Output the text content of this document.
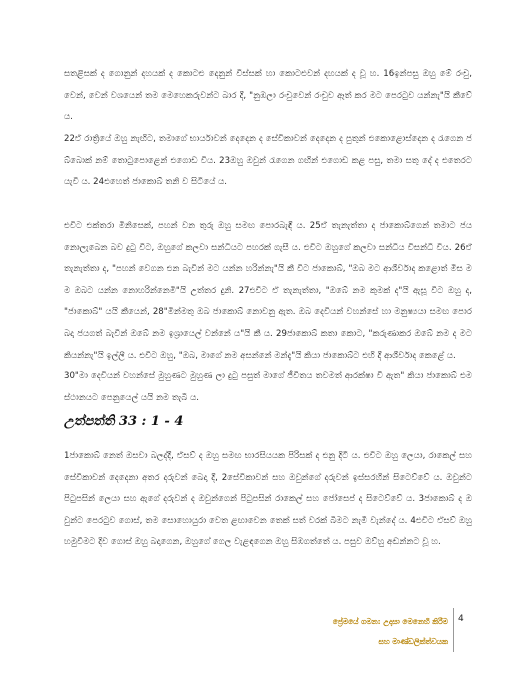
සතළිසක් ද ගොනුන් දහයක් ද කොටළු දෙනුන් විස්සක් හා කොටළුවන් දහයක් ද වූ හ. 16ඉන්පසු ඔහු මේ රංචු, වෙන්, වෙන් වශයෙන් තම මෙහෙකරුවන්ට බාර දී, "නුඹලා රංචුවෙන් රංචුව ඈත් කර මට පෙරටුව යන්නැ"යි කීවේ ය.

22ඒ රාත්‍රියේ ඔහු නැඟිට, තමාගේ භාර්යාවන් දෙදෙන ද සේවිකාවන් දෙදෙන ද පුතුන් එකොළොස්දෙන ද රැගෙන ජබ්බොක් නම් තොටුපොළෙන් එගොඩ විය. 23ඔහු ඔවුන් රැගෙන ගඟින් එගොඩ කළ පසු, තමා සතු දේ ද එතෙරට යැවී ය. 24එහෙත් ජාකොබ් තනි ව සිටියේ ය.

එවිට එක්තරා මිනිසෙක්, පහන් වන තුරු ඔහු සමඟ පොරබැඳී ය. 25ඒ තැනැත්තා ද ජාකොබ්ගෙන් තමාට ජය නොලැබෙන බව දුටු විට, ඔහුගේ කලවා සන්ධියට පහරක් ගැසී ය. එවිට ඔහුගේ කලවා සන්ධිය විසන්ධි විය. 26ඒ තැනැත්තා ද, "පහන් වෙගන එන බැවින් මට යන්න හරින්නැ"යි කී විට ජාකොබ්, "ඔබ මට ආශීර්වාද කළොත් මිස මම ඔබට යන්න නොහරින්නෙමි"යි උත්තර දුනි. 27එවිට ඒ තැනැත්තා, "ඔබේ නම කුමක් ද"යි ඇසූ විට ඔහු ද, "ජාකොබ්" යයි කීයෙන්, 28"මින්මතු ඔබ ජාකොබ් නොවනු ඇත. ඔබ දෙවියන් වහන්සේ හා මනුෂ්‍යයා සමඟ පොරබදා ජයගත් බැවින් ඔබේ නම ඉශ්‍රායෙල් වන්නේ ය"යි කී ය. 29ජාකොබ් කතා කොට, "කරුණාකර ඔබේ නම ද මට කියන්නැ"යි ඉල්ලී ය. එවිට ඔහු, "ඔබ, මාගේ නම අසන්නේ මන්දැ"යි කියා ජාකොබ්ට එහි දී ආශීර්වාද කෙළේ ය.

30"මා දෙවියන් වහන්සේ මුහුණට මුහුණ ලා දුටු පසුත් මාගේ ජීවිතය තවමත් ආරක්ෂා වී ඇත" කියා ජාකොබ් එම ස්ථානයට පෙනුයෙල් යයි නම තැබී ය.

උත්පත්ති 33 : 1 - 4

1ජාකොබ් නෙත් ඔසවා බලද්දී, ඒසව් ද ඔහු සමඟ භාරසියයක පිරිසක් ද එනු දිටී ය. එවිට ඔහු ලෙයා, රාකෙල් සහ සේවිකාවන් දෙදෙනා අතර දරුවන් බෙදා දී, 2සේවිකාවන් සහ ඔවුන්ගේ දරුවන් ඉස්සරහින් සිටෙව්වේ ය. ඔවුන්ට පිටුපසින් ලෙයා සහ ඇගේ දරුවන් ද ඔවුන්ගෙන් පිටුපසින් රාකෙල් සහ ජෝසෙප් ද සිටෙව්වේ ය. 3ජාකොබ් ද ඔවුන්ට පෙරටුව ගොස්, තම සොහොයුරා වෙත ළඟාවෙන තෙක් සත් වරක් බිමට නැමී වැන්දේ ය. 4එවිට ඒසව් ඔහු හමුවීමට දිව ගොස් ඔහු බදාගෙන, ඔහුගේ ගෙල වැළඳගෙන ඔහු සිඹගත්තේ ය. පසුව ඔව්හු අඬන්නට වූ හ.

ප්‍රේමයේ ගමන: උදාසා මෙනෙහි කිරීම
සහ මාණ්ඩලික්ත්වයක
4
